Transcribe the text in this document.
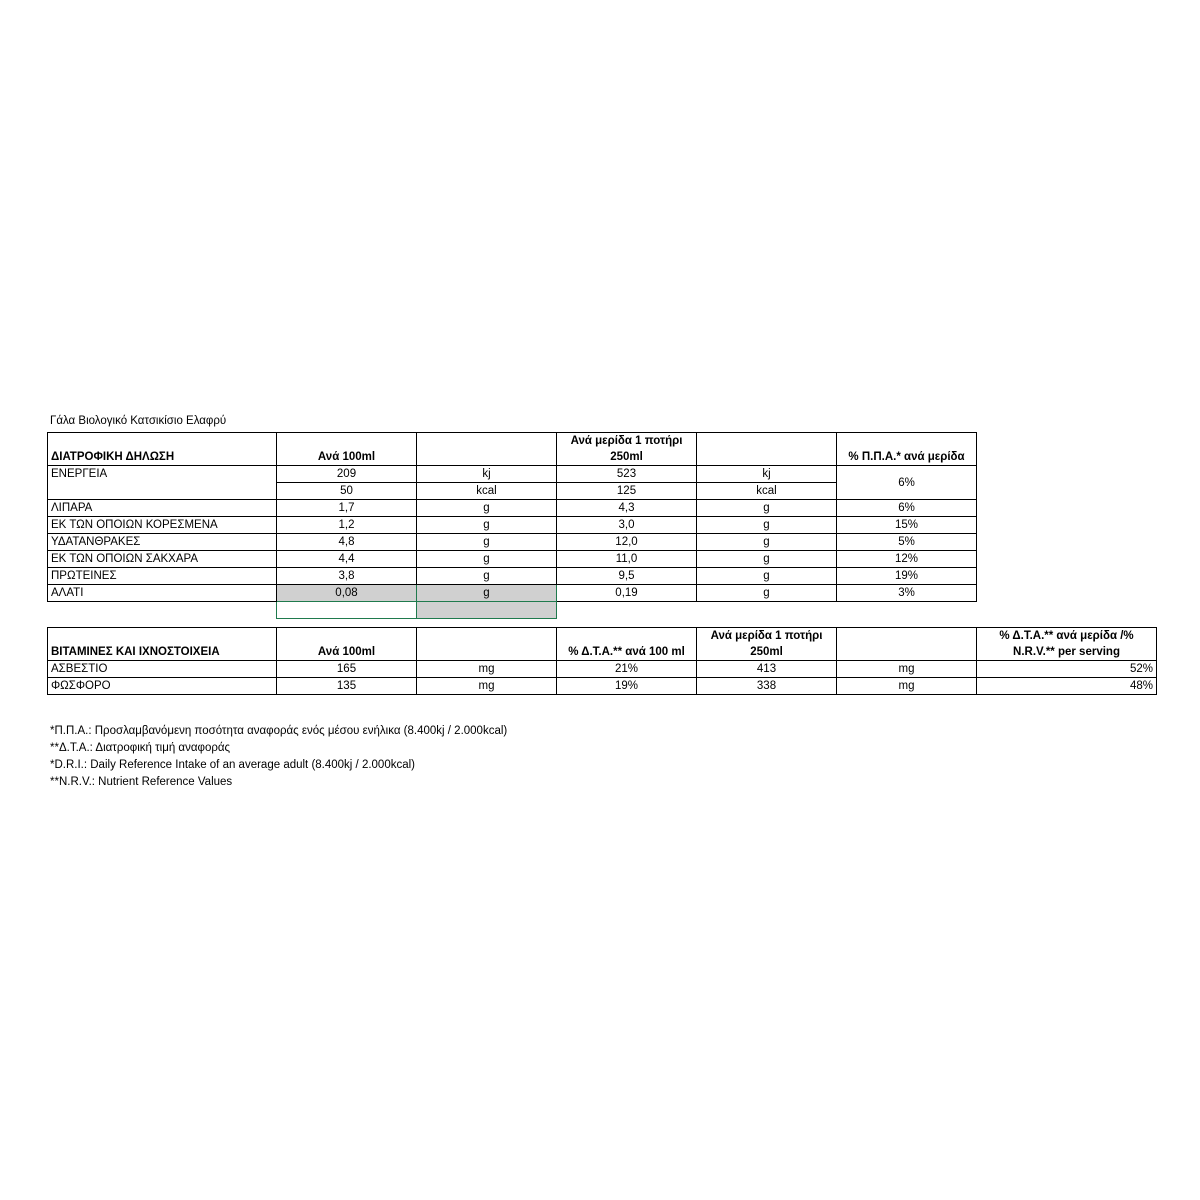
Γάλα Βιολογικό Κατσικίσιο Ελαφρύ
ΔΙΑΤΡΟΦΙΚΗ ΔΗΛΩΣΗ	Ανά 100ml		Ανά μερίδα 1 ποτήρι 250ml		% Π.Π.Α.* ανά μερίδα
ΕΝΕΡΓΕΙΑ	209	kj	523	kj	6%
	50	kcal	125	kcal	
ΛΙΠΑΡΑ	1,7	g	4,3	g	6%
ΕΚ ΤΩΝ ΟΠΟΙΩΝ ΚΟΡΕΣΜΕΝΑ	1,2	g	3,0	g	15%
ΥΔΑΤΑΝΘΡΑΚΕΣ	4,8	g	12,0	g	5%
ΕΚ ΤΩΝ ΟΠΟΙΩΝ ΣΑΚΧΑΡΑ	4,4	g	11,0	g	12%
ΠΡΩΤΕΙΝΕΣ	3,8	g	9,5	g	19%
ΑΛΑΤΙ	0,08	g	0,19	g	3%

ΒΙΤΑΜΙΝΕΣ ΚΑΙ ΙΧΝΟΣΤΟΙΧΕΙΑ	Ανά 100ml		% Δ.Τ.Α.** ανά 100 ml	Ανά μερίδα 1 ποτήρι 250ml		% Δ.Τ.Α.** ανά μερίδα /% N.R.V.** per serving
ΑΣΒΕΣΤΙΟ	165	mg	21%	413	mg	52%
ΦΩΣΦΟΡΟ	135	mg	19%	338	mg	48%
*Π.Π.Α.: Προσλαμβανόμενη ποσότητα αναφοράς ενός μέσου ενήλικα (8.400kj / 2.000kcal)
**Δ.Τ.Α.: Διατροφική τιμή αναφοράς
*D.R.I.: Daily Reference Intake of an average adult (8.400kj / 2.000kcal)
**N.R.V.: Nutrient Reference Values
